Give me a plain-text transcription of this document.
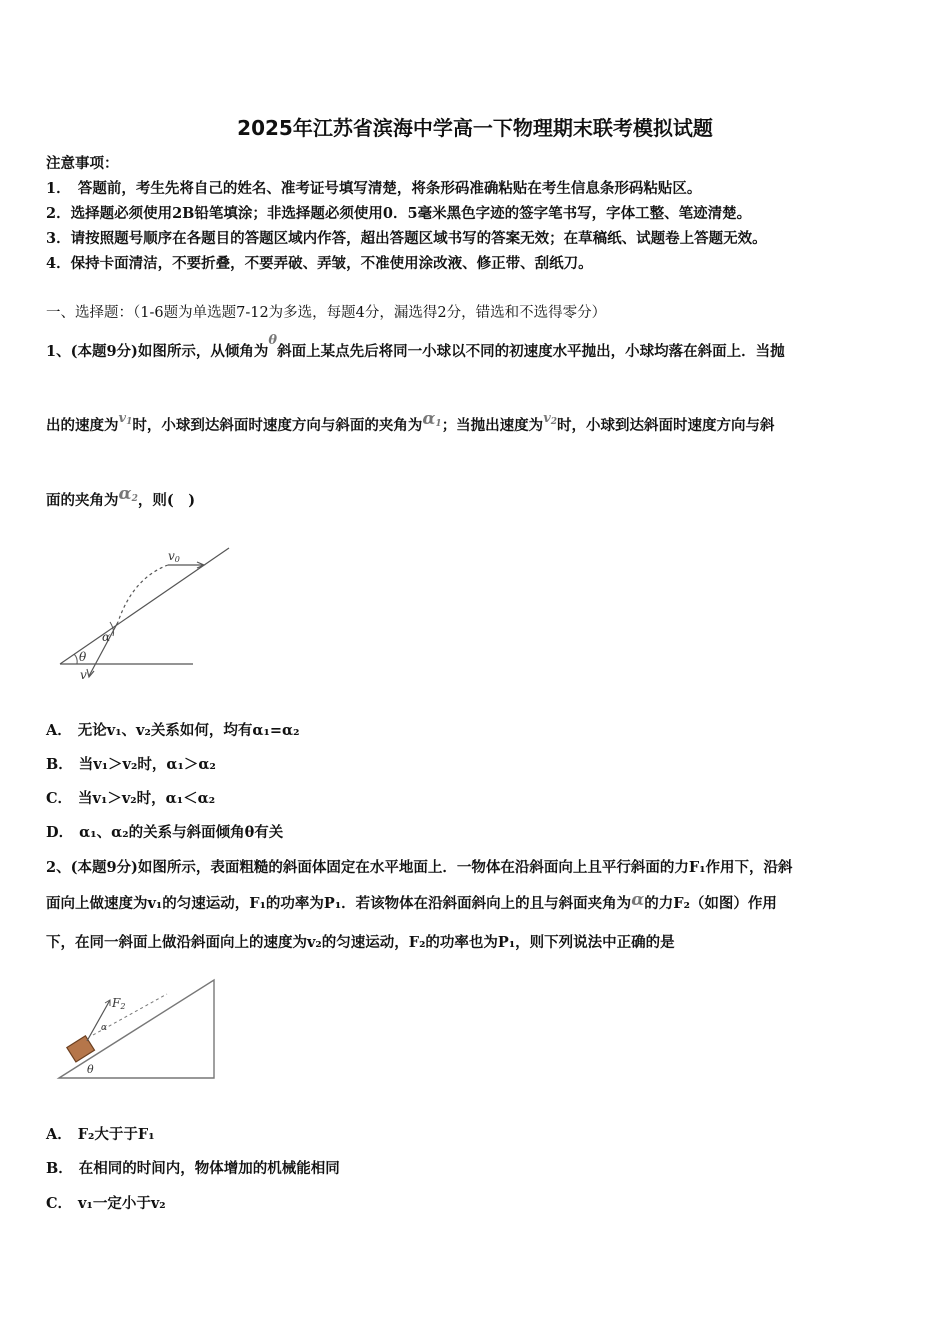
2025年江苏省滨海中学高一下物理期末联考模拟试题
注意事项：
1．　答题前，考生先将自己的姓名、准考证号填写清楚，将条形码准确粘贴在考生信息条形码粘贴区。
2．选择题必须使用2B铅笔填涂；非选择题必须使用0．5毫米黑色字迹的签字笔书写，字体工整、笔迹清楚。
3．请按照题号顺序在各题目的答题区域内作答，超出答题区域书写的答案无效；在草稿纸、试题卷上答题无效。
4．保持卡面清洁，不要折叠，不要弄破、弄皱，不准使用涂改液、修正带、刮纸刀。
一、选择题：（1-6题为单选题7-12为多选，每题4分，漏选得2分，错选和不选得零分）
1、(本题9分)如图所示，从倾角为θ斜面上某点先后将同一小球以不同的初速度水平抛出，小球均落在斜面上．当抛
出的速度为$v_1$时，小球到达斜面时速度方向与斜面的夹角为$\alpha_1$；当抛出速度为$v_2$时，小球到达斜面时速度方向与斜
面的夹角为$\alpha_2$，则(　)
v0
α
θ
v
A． 无论v₁、v₂关系如何，均有α₁=α₂
B． 当v₁＞v₂时，α₁＞α₂
C． 当v₁＞v₂时，α₁＜α₂
D． α₁、α₂的关系与斜面倾角θ有关
2、(本题9分)如图所示，表面粗糙的斜面体固定在水平地面上．一物体在沿斜面向上且平行斜面的力F₁作用下，沿斜
面向上做速度为v₁的匀速运动，F₁的功率为P₁．若该物体在沿斜面斜向上的且与斜面夹角为α的力F₂（如图）作用
下，在同一斜面上做沿斜面向上的速度为v₂的匀速运动，F₂的功率也为P₁，则下列说法中正确的是
F2
α
θ
A． F₂大于于F₁
B． 在相同的时间内，物体增加的机械能相同
C． v₁一定小于v₂
